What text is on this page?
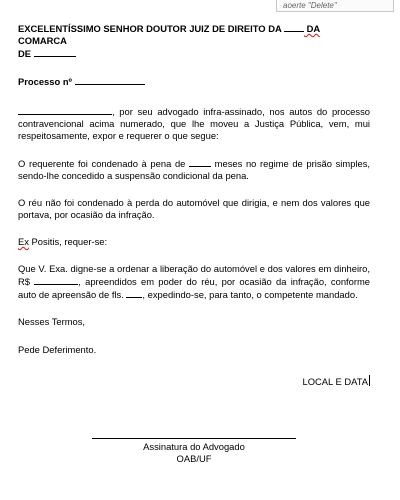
aoerte "Delete"

EXCELENTÍSSIMO SENHOR DOUTOR JUIZ DE DIREITO DA  DA COMARCA
DE

Processo nº

, por seu advogado infra-assinado, nos autos do processo contravencional acima numerado, que lhe moveu a Justiça Pública, vem, mui respeitosamente, expor e requerer o que segue:

O requerente foi condenado à pena de  meses no regime de prisão simples, sendo-lhe concedido a suspensão condicional da pena.

O réu não foi condenado à perda do automóvel que dirigia, e nem dos valores que portava, por ocasião da infração.

Ex Positis, requer-se:

Que V. Exa. digne-se a ordenar a liberação do automóvel e dos valores em dinheiro, R$	, apreendidos em poder do réu, por ocasião da infração, conforme auto de apreensão de fls. , expedindo-se, para tanto, o competente mandado.

Nesses Termos,

Pede Deferimento.

LOCAL E DATA

Assinatura do Advogado
OAB/UF
